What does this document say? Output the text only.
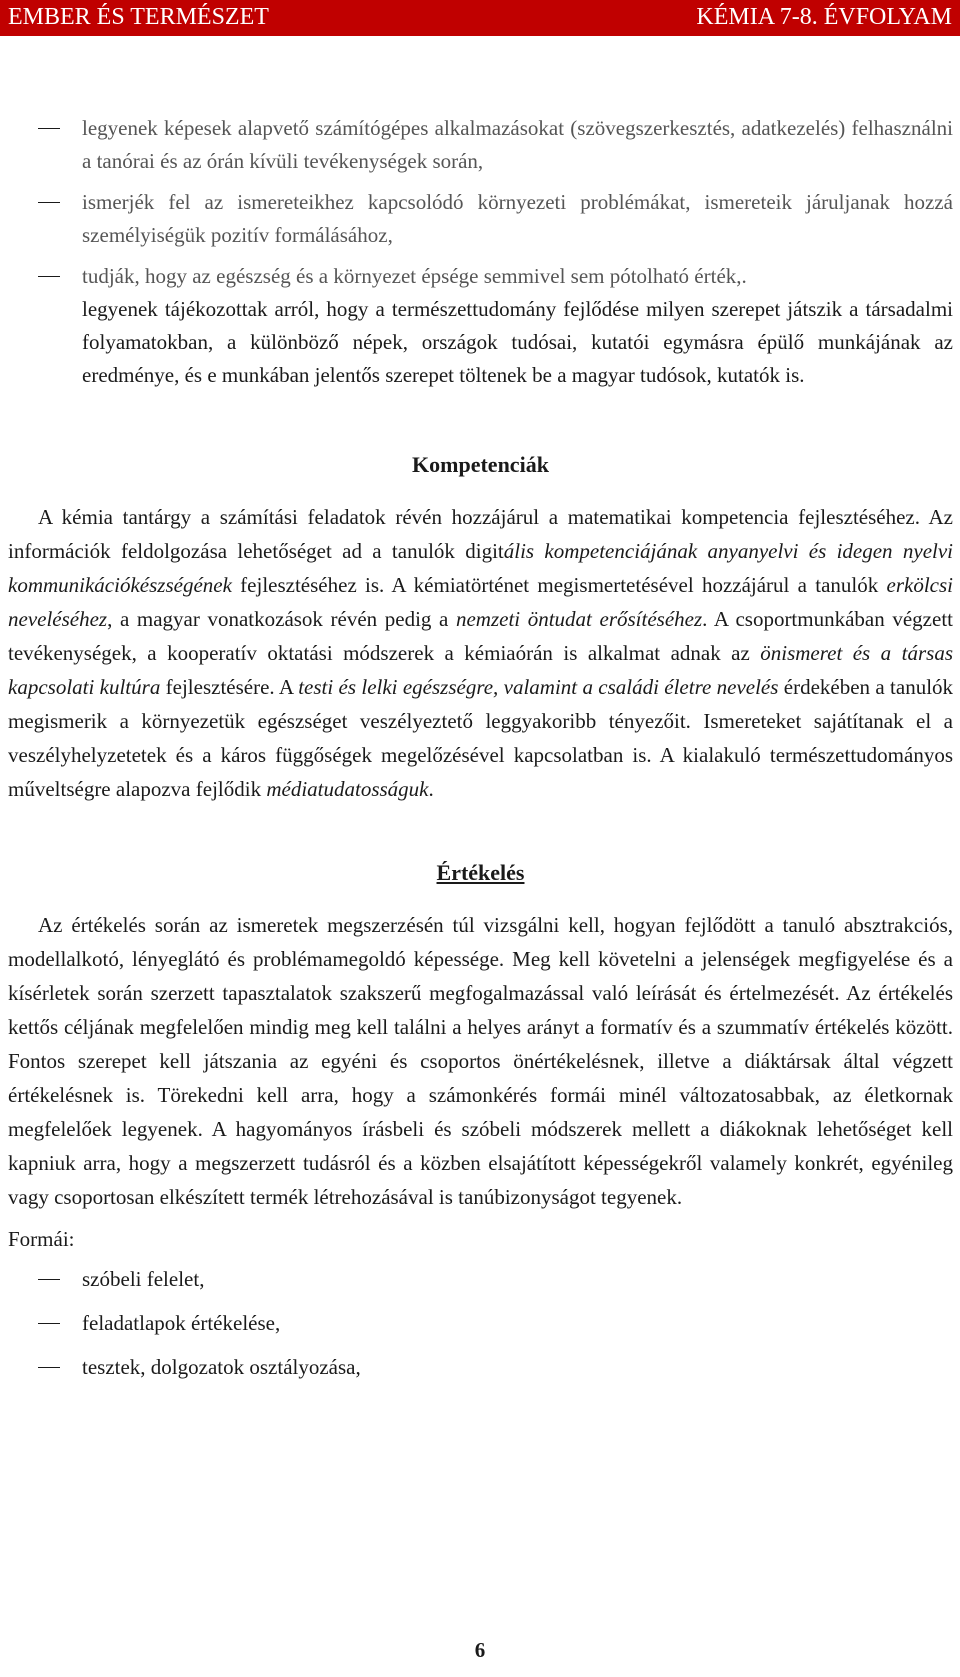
EMBER ÉS TERMÉSZET	KÉMIA 7-8. ÉVFOLYAM
legyenek képesek alapvető számítógépes alkalmazásokat (szövegszerkesztés, adatkezelés) felhasználni a tanórai és az órán kívüli tevékenységek során,
ismerjék fel az ismereteikhez kapcsolódó környezeti problémákat, ismereteik járuljanak hozzá személyiségük pozitív formálásához,
tudják, hogy az egészség és a környezet épsége semmivel sem pótolható érték,.
legyenek tájékozottak arról, hogy a természettudomány fejlődése milyen szerepet játszik a társadalmi folyamatokban, a különböző népek, országok tudósai, kutatói egymásra épülő munkájának az eredménye, és e munkában jelentős szerepet töltenek be a magyar tudósok, kutatók is.
Kompetenciák
A kémia tantárgy a számítási feladatok révén hozzájárul a matematikai kompetencia fejlesztéséhez. Az információk feldolgozása lehetőséget ad a tanulók digitális kompetenciájának anyanyelvi és idegen nyelvi kommunikációkészségének fejlesztéséhez is. A kémiatörténet megismertetésével hozzájárul a tanulók erkölcsi neveléséhez, a magyar vonatkozások révén pedig a nemzeti öntudat erősítéséhez. A csoportmunkában végzett tevékenységek, a kooperatív oktatási módszerek a kémiaórán is alkalmat adnak az önismeret és a társas kapcsolati kultúra fejlesztésére. A testi és lelki egészségre, valamint a családi életre nevelés érdekében a tanulók megismerik a környezetük egészséget veszélyeztető leggyakoribb tényezőit. Ismereteket sajátítanak el a veszélyhelyzetetek és a káros függőségek megelőzésével kapcsolatban is. A kialakuló természettudományos műveltségre alapozva fejlődik médiatudatosságuk.
Értékelés
Az értékelés során az ismeretek megszerzésén túl vizsgálni kell, hogyan fejlődött a tanuló absztrakciós, modellalkotó, lényeglátó és problémamegoldó képessége. Meg kell követelni a jelenségek megfigyelése és a kísérletek során szerzett tapasztalatok szakszerű megfogalmazással való leírását és értelmezését. Az értékelés kettős céljának megfelelően mindig meg kell találni a helyes arányt a formatív és a szummatív értékelés között. Fontos szerepet kell játszania az egyéni és csoportos önértékelésnek, illetve a diáktársak által végzett értékelésnek is. Törekedni kell arra, hogy a számonkérés formái minél változatosabbak, az életkornak megfelelőek legyenek. A hagyományos írásbeli és szóbeli módszerek mellett a diákoknak lehetőséget kell kapniuk arra, hogy a megszerzett tudásról és a közben elsajátított képességekről valamely konkrét, egyénileg vagy csoportosan elkészített termék létrehozásával is tanúbizonyságot tegyenek.
Formái:
szóbeli felelet,
feladatlapok értékelése,
tesztek, dolgozatok osztályozása,
6
